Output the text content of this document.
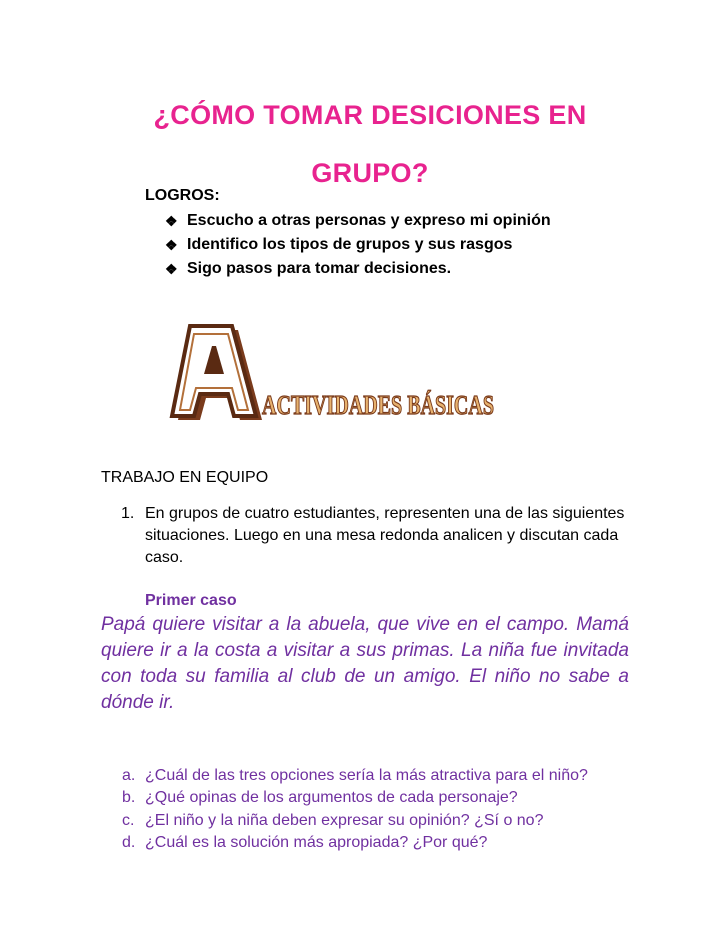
¿CÓMO TOMAR DESICIONES EN
GRUPO?
LOGROS:
❖ Escucho a otras personas y expreso mi opinión
❖ Identifico los tipos de grupos y sus rasgos
❖ Sigo pasos para tomar decisiones.
ACTIVIDADES BÁSICAS
TRABAJO EN EQUIPO
1. En grupos de cuatro estudiantes, representen una de las siguientes situaciones. Luego en una mesa redonda analicen y discutan cada caso.
Primer caso
Papá quiere visitar a la abuela, que vive en el campo. Mamá quiere ir a la costa a visitar a sus primas. La niña fue invitada con toda su familia al club de un amigo. El niño no sabe a dónde ir.
a. ¿Cuál de las tres opciones sería la más atractiva para el niño?
b. ¿Qué opinas de los argumentos de cada personaje?
c. ¿El niño y la niña deben expresar su opinión? ¿Sí o no?
d. ¿Cuál es la solución más apropiada? ¿Por qué?
